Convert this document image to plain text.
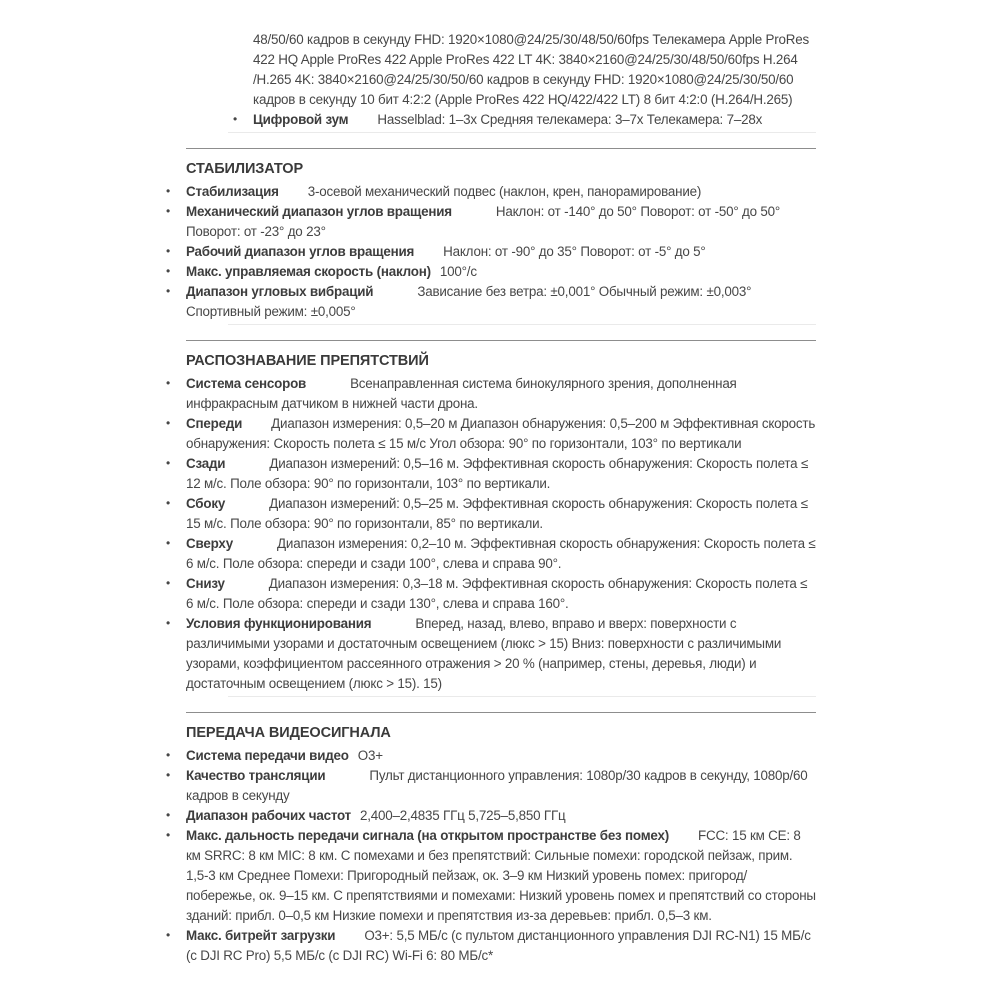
48/50/60 кадров в секунду FHD: 1920×1080@24/25/30/48/50/60fps Телекамера Apple ProRes 422 HQ Apple ProRes 422 Apple ProRes 422 LT 4K: 3840×2160@24/25/30/48/50/60fps H.264 /H.265 4K: 3840×2160@24/25/30/50/60 кадров в секунду FHD: 1920×1080@24/25/30/50/60 кадров в секунду 10 бит 4:2:2 (Apple ProRes 422 HQ/422/422 LT) 8 бит 4:2:0 (H.264/H.265)

• Цифровой зум Hasselblad: 1–3x Средняя телекамера: 3–7x Телекамера: 7–28x
СТАБИЛИЗАТОР
• Стабилизация 3-осевой механический подвес (наклон, крен, панорамирование)
• Механический диапазон углов вращения	Наклон: от -140° до 50° Поворот: от -50° до 50° Поворот: от -23° до 23°
• Рабочий диапазон углов вращения Наклон: от -90° до 35° Поворот: от -5° до 5°
• Макс. управляемая скорость (наклон) 100°/с
• Диапазон угловых вибраций	Зависание без ветра: ±0,001° Обычный режим: ±0,003° Спортивный режим: ±0,005°
РАСПОЗНАВАНИЕ ПРЕПЯТСТВИЙ
• Система сенсоров	Всенаправленная система бинокулярного зрения, дополненная инфракрасным датчиком в нижней части дрона.
• Спереди Диапазон измерения: 0,5–20 м Диапазон обнаружения: 0,5–200 м Эффективная скорость обнаружения: Скорость полета ≤ 15 м/с Угол обзора: 90° по горизонтали, 103° по вертикали
• Сзади	Диапазон измерений: 0,5–16 м. Эффективная скорость обнаружения: Скорость полета ≤ 12 м/с. Поле обзора: 90° по горизонтали, 103° по вертикали.
• Сбоку	Диапазон измерений: 0,5–25 м. Эффективная скорость обнаружения: Скорость полета ≤ 15 м/с. Поле обзора: 90° по горизонтали, 85° по вертикали.
• Сверху	Диапазон измерения: 0,2–10 м. Эффективная скорость обнаружения: Скорость полета ≤ 6 м/с. Поле обзора: спереди и сзади 100°, слева и справа 90°.
• Снизу	Диапазон измерения: 0,3–18 м. Эффективная скорость обнаружения: Скорость полета ≤ 6 м/с. Поле обзора: спереди и сзади 130°, слева и справа 160°.
• Условия функционирования	Вперед, назад, влево, вправо и вверх: поверхности с различимыми узорами и достаточным освещением (люкс > 15) Вниз: поверхности с различимыми узорами, коэффициентом рассеянного отражения > 20 % (например, стены, деревья, люди) и достаточным освещением (люкс > 15). 15)
ПЕРЕДАЧА ВИДЕОСИГНАЛА
• Система передачи видео O3+
• Качество трансляции	Пульт дистанционного управления: 1080p/30 кадров в секунду, 1080p/60 кадров в секунду
• Диапазон рабочих частот 2,400–2,4835 ГГц 5,725–5,850 ГГц
• Макс. дальность передачи сигнала (на открытом пространстве без помех) FCC: 15 км CE: 8 км SRRC: 8 км MIC: 8 км. С помехами и без препятствий: Сильные помехи: городской пейзаж, прим. 1,5-3 км Среднее Помехи: Пригородный пейзаж, ок. 3–9 км Низкий уровень помех: пригород/побережье, ок. 9–15 км. С препятствиями и помехами: Низкий уровень помех и препятствий со стороны зданий: прибл. 0–0,5 км Низкие помехи и препятствия из-за деревьев: прибл. 0,5–3 км.
• Макс. битрейт загрузки O3+: 5,5 МБ/с (с пультом дистанционного управления DJI RC-N1) 15 МБ/с (с DJI RC Pro) 5,5 МБ/с (с DJI RC) Wi-Fi 6: 80 МБ/с*
